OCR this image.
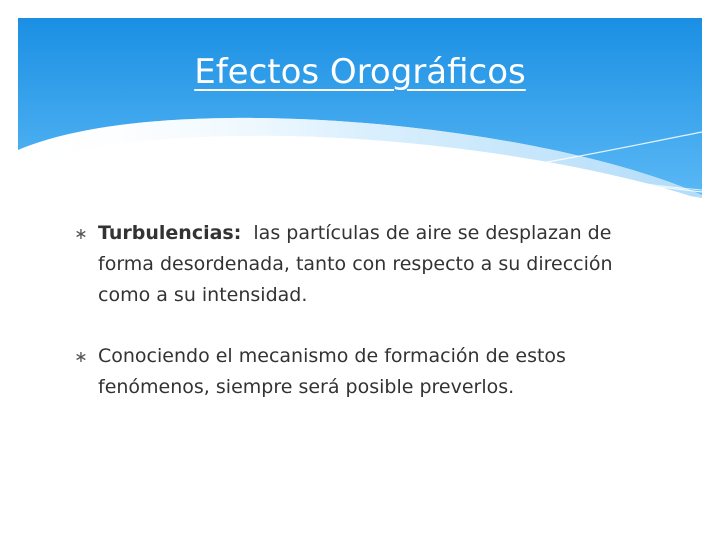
Efectos Orográficos
∗ Turbulencias:  las partículas de aire se desplazan de forma desordenada, tanto con respecto a su dirección como a su intensidad.
∗ Conociendo el mecanismo de formación de estos fenómenos, siempre será posible preverlos.
